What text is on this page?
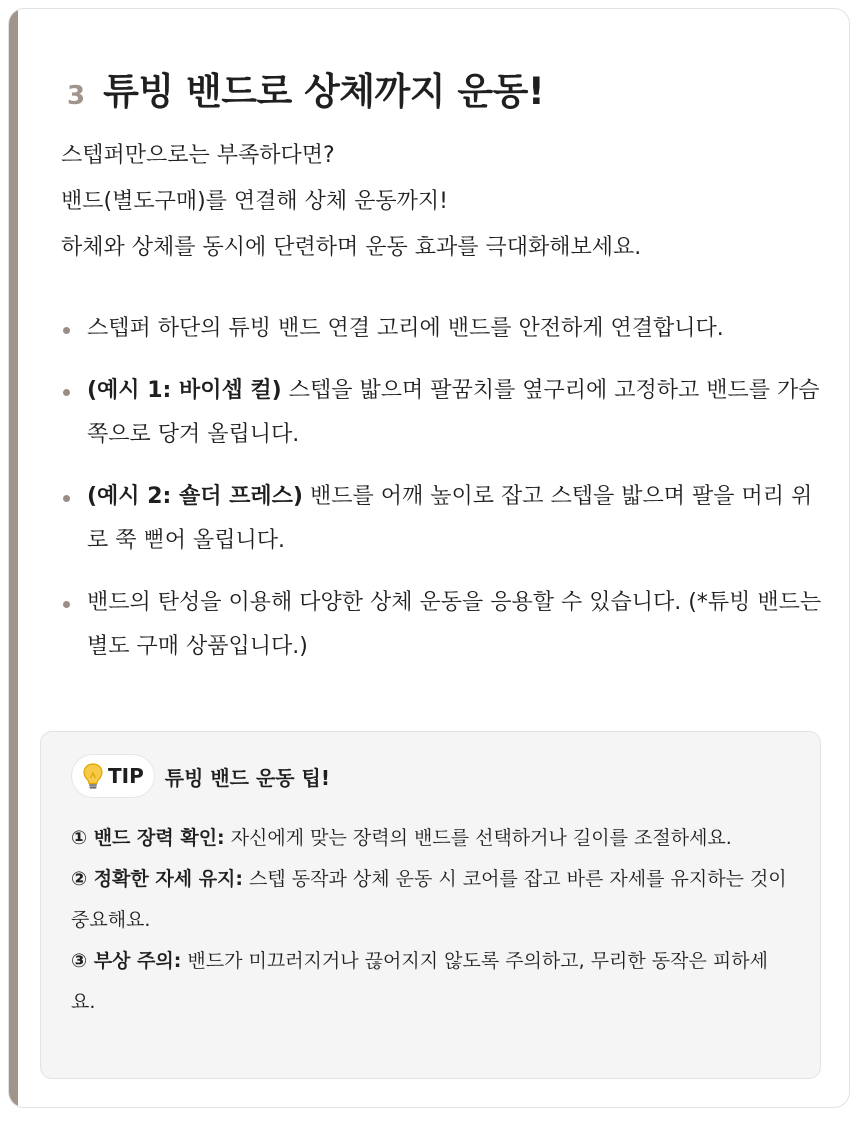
3 튜빙 밴드로 상체까지 운동!
스텝퍼만으로는 부족하다면?
밴드(별도구매)를 연결해 상체 운동까지!
하체와 상체를 동시에 단련하며 운동 효과를 극대화해보세요.
스텝퍼 하단의 튜빙 밴드 연결 고리에 밴드를 안전하게 연결합니다.
(예시 1: 바이셉 컬) 스텝을 밟으며 팔꿈치를 옆구리에 고정하고 밴드를 가슴 쪽으로 당겨 올립니다.
(예시 2: 숄더 프레스) 밴드를 어깨 높이로 잡고 스텝을 밟으며 팔을 머리 위로 쭉 뻗어 올립니다.
밴드의 탄성을 이용해 다양한 상체 운동을 응용할 수 있습니다. (*튜빙 밴드는 별도 구매 상품입니다.)
TIP 튜빙 밴드 운동 팁!

① 밴드 장력 확인: 자신에게 맞는 장력의 밴드를 선택하거나 길이를 조절하세요.

② 정확한 자세 유지: 스텝 동작과 상체 운동 시 코어를 잡고 바른 자세를 유지하는 것이 중요해요.

③ 부상 주의: 밴드가 미끄러지거나 끊어지지 않도록 주의하고, 무리한 동작은 피하세요.
